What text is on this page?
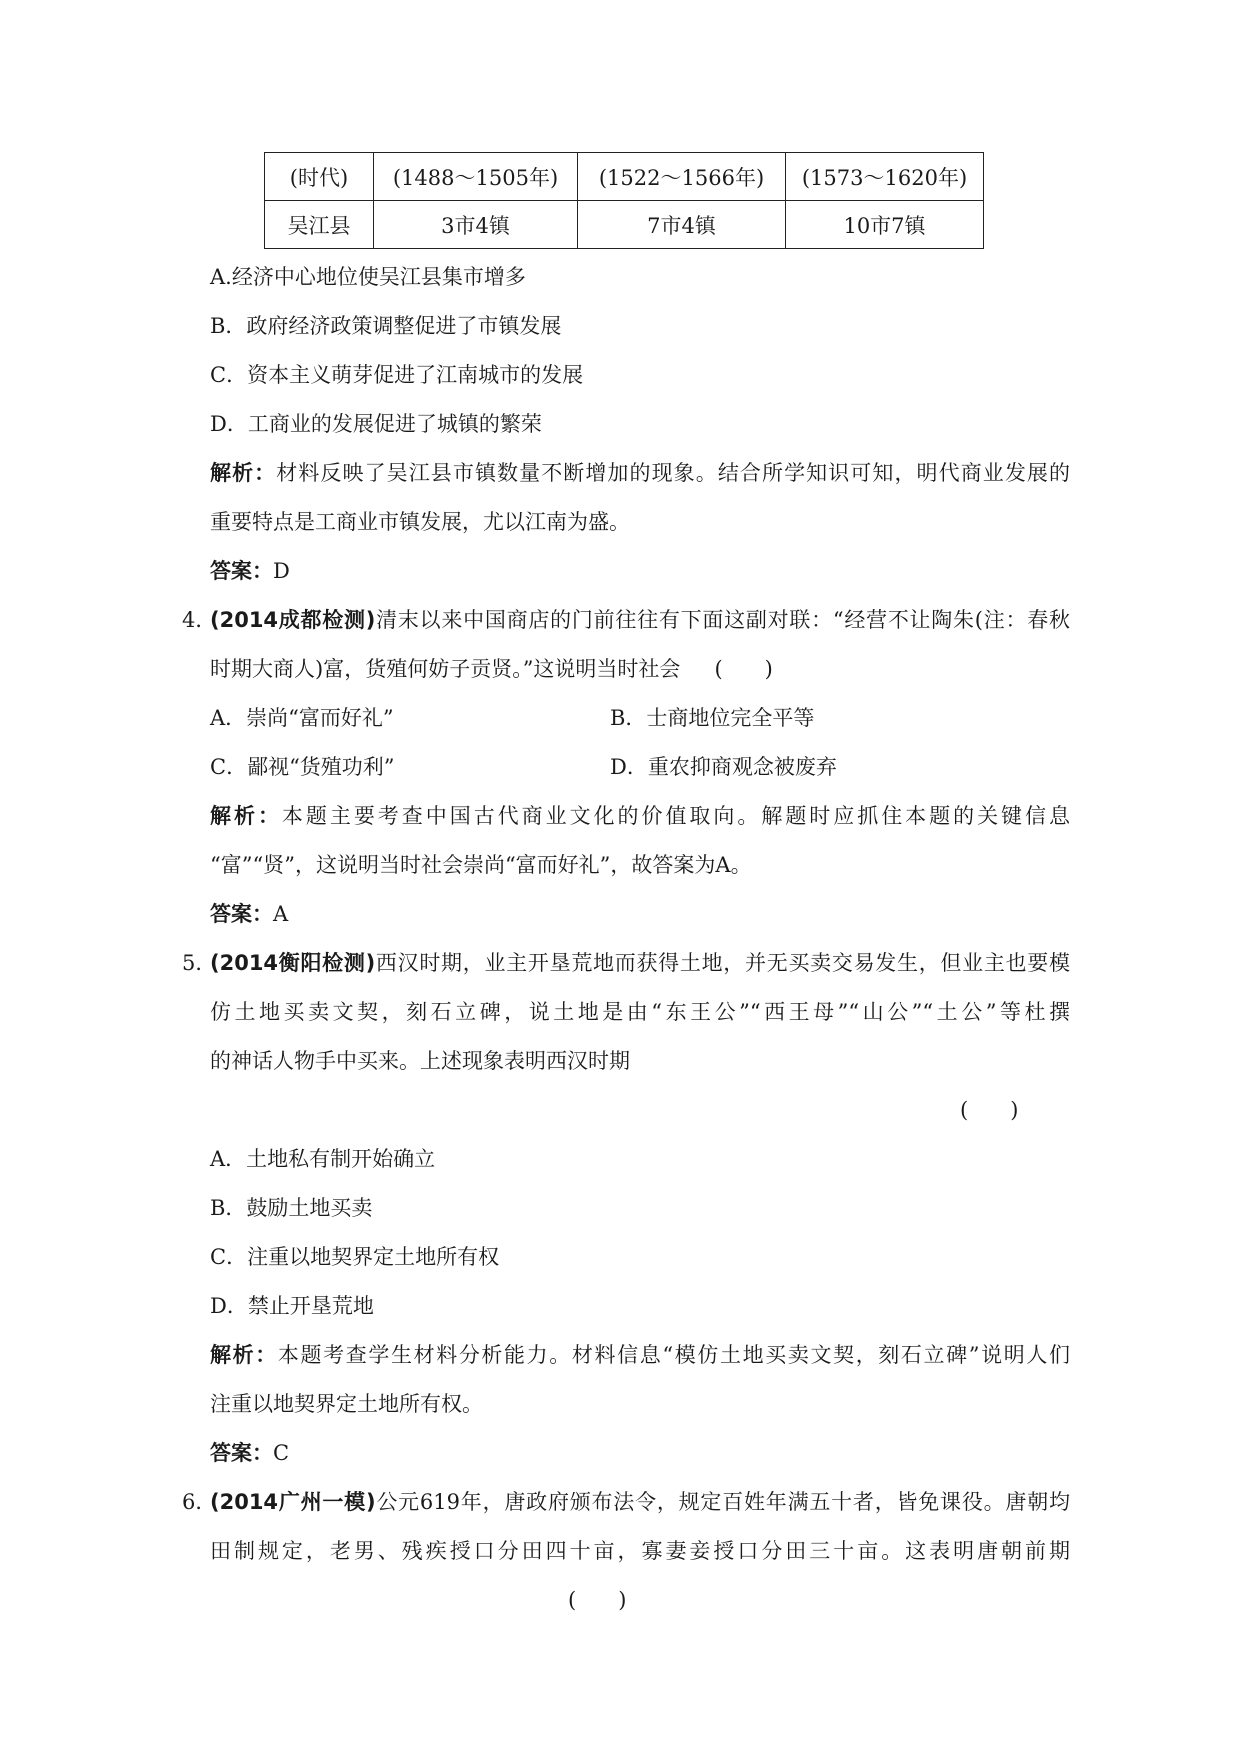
(时代)	(1488～1505年)	(1522～1566年)	(1573～1620年)
吴江县	3市4镇	7市4镇	10市7镇
A.经济中心地位使吴江县集市增多
B．政府经济政策调整促进了市镇发展
C．资本主义萌芽促进了江南城市的发展
D．工商业的发展促进了城镇的繁荣
解析：材料反映了吴江县市镇数量不断增加的现象。结合所学知识可知，明代商业发展的
重要特点是工商业市镇发展，尤以江南为盛。
答案：D
4．
(2014成都检测)清末以来中国商店的门前往往有下面这副对联：“经营不让陶朱(注：春秋
时期大商人)富，货殖何妨子贡贤。”这说明当时社会 (　　)
A．崇尚“富而好礼”	B．士商地位完全平等
C．鄙视“货殖功利”	D．重农抑商观念被废弃
解析：本题主要考查中国古代商业文化的价值取向。解题时应抓住本题的关键信息
“富”“贤”，这说明当时社会崇尚“富而好礼”，故答案为A。
答案：A
5．
(2014衡阳检测)西汉时期，业主开垦荒地而获得土地，并无买卖交易发生，但业主也要模
仿土地买卖文契，刻石立碑，说土地是由“东王公”“西王母”“山公”“土公”等杜撰
的神话人物手中买来。上述现象表明西汉时期
(　　)
A．土地私有制开始确立
B．鼓励土地买卖
C．注重以地契界定土地所有权
D．禁止开垦荒地
解析：本题考查学生材料分析能力。材料信息“模仿土地买卖文契，刻石立碑”说明人们
注重以地契界定土地所有权。
答案：C
6．
(2014广州一模)公元619年，唐政府颁布法令，规定百姓年满五十者，皆免课役。唐朝均
田制规定，老男、残疾授口分田四十亩，寡妻妾授口分田三十亩。这表明唐朝前期
(　　)
